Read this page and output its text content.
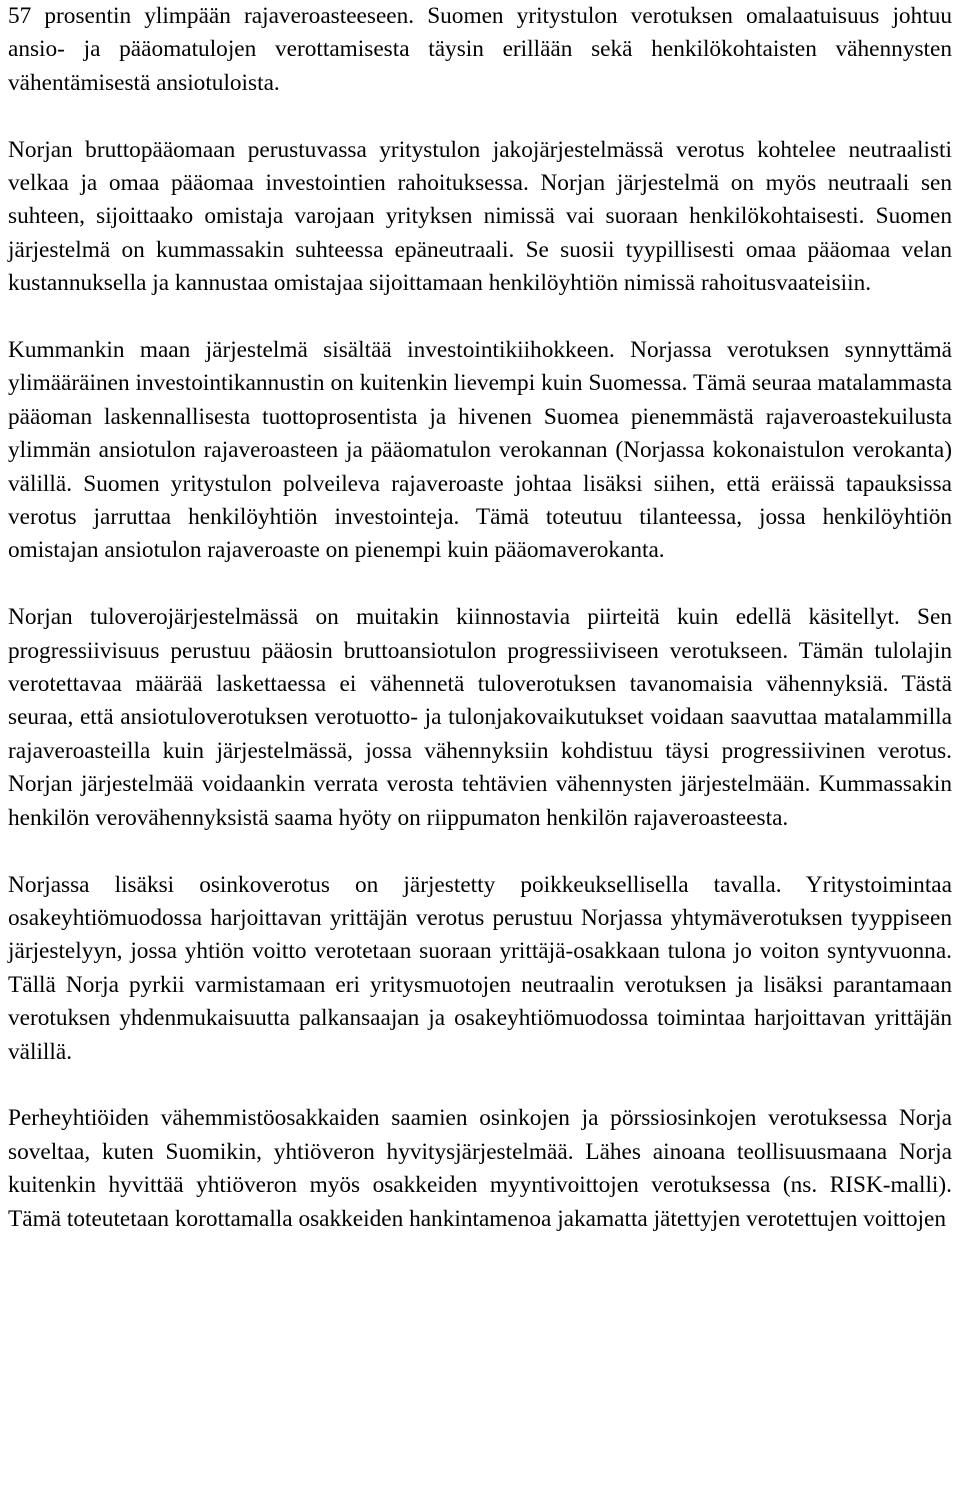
57 prosentin ylimpään rajaveroasteeseen. Suomen yritystulon verotuksen omalaatuisuus johtuu ansio- ja pääomatulojen verottamisesta täysin erillään sekä henkilökohtaisten vähennysten vähentämisestä ansiotuloista.

Norjan bruttopääomaan perustuvassa yritystulon jakojärjestelmässä verotus kohtelee neutraalisti velkaa ja omaa pääomaa investointien rahoituksessa. Norjan järjestelmä on myös neutraali sen suhteen, sijoittaako omistaja varojaan yrityksen nimissä vai suoraan henkilökohtaisesti. Suomen järjestelmä on kummassakin suhteessa epäneutraali. Se suosii tyypillisesti omaa pääomaa velan kustannuksella ja kannustaa omistajaa sijoittamaan henkilöyhtiön nimissä rahoitusvaateisiin.

Kummankin maan järjestelmä sisältää investointikiihokkeen. Norjassa verotuksen synnyttämä ylimääräinen investointikannustin on kuitenkin lievempi kuin Suomessa. Tämä seuraa matalammasta pääoman laskennallisesta tuottoprosentista ja hivenen Suomea pienemmästä rajaveroastekuilusta ylimmän ansiotulon rajaveroasteen ja pääomatulon verokannan (Norjassa kokonaistulon verokanta) välillä. Suomen yritystulon polveileva rajaveroaste johtaa lisäksi siihen, että eräissä tapauksissa verotus jarruttaa henkilöyhtiön investointeja. Tämä toteutuu tilanteessa, jossa henkilöyhtiön omistajan ansiotulon rajaveroaste on pienempi kuin pääomaverokanta.

Norjan tuloverojärjestelmässä on muitakin kiinnostavia piirteitä kuin edellä käsitellyt. Sen progressiivisuus perustuu pääosin bruttoansiotulon progressiiviseen verotukseen. Tämän tulolajin verotettavaa määrää laskettaessa ei vähennetä tuloverotuksen tavanomaisia vähennyksiä. Tästä seuraa, että ansiotuloverotuksen verotuotto- ja tulonjakovaikutukset voidaan saavuttaa matalammilla rajaveroasteilla kuin järjestelmässä, jossa vähennyksiin kohdistuu täysi progressiivinen verotus. Norjan järjestelmää voidaankin verrata verosta tehtävien vähennysten järjestelmään. Kummassakin henkilön verovähennyksistä saama hyöty on riippumaton henkilön rajaveroasteesta.

Norjassa lisäksi osinkoverotus on järjestetty poikkeuksellisella tavalla. Yritystoimintaa osakeyhtiömuodossa harjoittavan yrittäjän verotus perustuu Norjassa yhtymäverotuksen tyyppiseen järjestelyyn, jossa yhtiön voitto verotetaan suoraan yrittäjä-osakkaan tulona jo voiton syntyvuonna. Tällä Norja pyrkii varmistamaan eri yritysmuotojen neutraalin verotuksen ja lisäksi parantamaan verotuksen yhdenmukaisuutta palkansaajan ja osakeyhtiömuodossa toimintaa harjoittavan yrittäjän välillä.

Perheyhtiöiden vähemmistöosakkaiden saamien osinkojen ja pörssiosinkojen verotuksessa Norja soveltaa, kuten Suomikin, yhtiöveron hyvitysjärjestelmää. Lähes ainoana teollisuusmaana Norja kuitenkin hyvittää yhtiöveron myös osakkeiden myyntivoittojen verotuksessa (ns. RISK-malli). Tämä toteutetaan korottamalla osakkeiden hankintamenoa jakamatta jätettyjen verotettujen voittojen
